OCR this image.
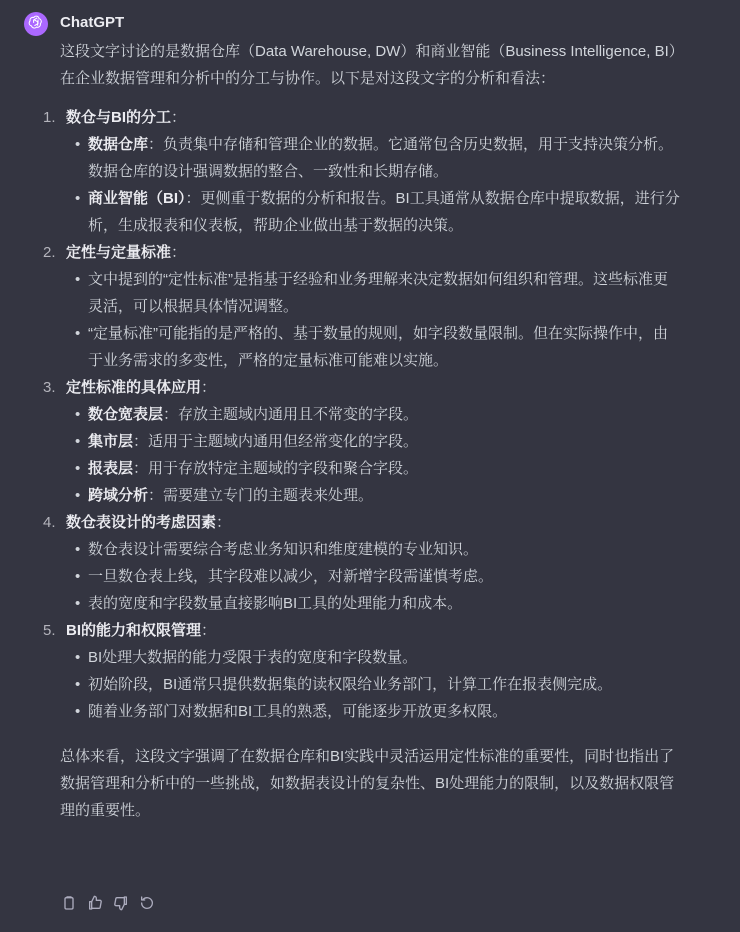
ChatGPT

这段文字讨论的是数据仓库（Data Warehouse, DW）和商业智能（Business Intelligence, BI）在企业数据管理和分析中的分工与协作。以下是对这段文字的分析和看法：

1. 数仓与BI的分工：
• 数据仓库：负责集中存储和管理企业的数据。它通常包含历史数据，用于支持决策分析。数据仓库的设计强调数据的整合、一致性和长期存储。
• 商业智能（BI）：更侧重于数据的分析和报告。BI工具通常从数据仓库中提取数据，进行分析，生成报表和仪表板，帮助企业做出基于数据的决策。
2. 定性与定量标准：
• 文中提到的“定性标准”是指基于经验和业务理解来决定数据如何组织和管理。这些标准更灵活，可以根据具体情况调整。
• “定量标准”可能指的是严格的、基于数量的规则，如字段数量限制。但在实际操作中，由于业务需求的多变性，严格的定量标准可能难以实施。
3. 定性标准的具体应用：
• 数仓宽表层：存放主题域内通用且不常变的字段。
• 集市层：适用于主题域内通用但经常变化的字段。
• 报表层：用于存放特定主题域的字段和聚合字段。
• 跨域分析：需要建立专门的主题表来处理。
4. 数仓表设计的考虑因素：
• 数仓表设计需要综合考虑业务知识和维度建模的专业知识。
• 一旦数仓表上线，其字段难以减少，对新增字段需谨慎考虑。
• 表的宽度和字段数量直接影响BI工具的处理能力和成本。
5. BI的能力和权限管理：
• BI处理大数据的能力受限于表的宽度和字段数量。
• 初始阶段，BI通常只提供数据集的读权限给业务部门，计算工作在报表侧完成。
• 随着业务部门对数据和BI工具的熟悉，可能逐步开放更多权限。

总体来看，这段文字强调了在数据仓库和BI实践中灵活运用定性标准的重要性，同时也指出了数据管理和分析中的一些挑战，如数据表设计的复杂性、BI处理能力的限制，以及数据权限管理的重要性。
